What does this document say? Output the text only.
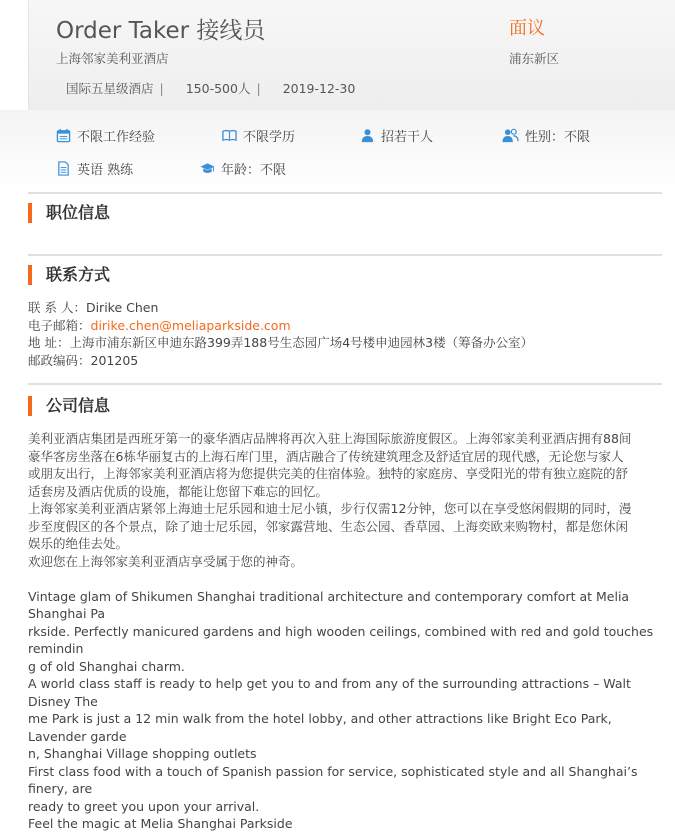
Order Taker 接线员
上海邻家美利亚酒店
国际五星级酒店 | 150-500人 | 2019-12-30
面议
浦东新区
不限工作经验	不限学历	招若干人	性别：不限
英语 熟练	年龄：不限
职位信息
联系方式
联 系 人：Dirike Chen
电子邮箱：dirike.chen@meliaparkside.com
地 址：上海市浦东新区申迪东路399弄188号生态园广场4号楼申迪园林3楼（筹备办公室）
邮政编码：201205
公司信息

美利亚酒店集团是西班牙第一的豪华酒店品牌将再次入驻上海国际旅游度假区。上海邻家美利亚酒店拥有88间

豪华客房坐落在6栋华丽复古的上海石库门里，酒店融合了传统建筑理念及舒适宜居的现代感，无论您与家人

或朋友出行，上海邻家美利亚酒店将为您提供完美的住宿体验。独特的家庭房、享受阳光的带有独立庭院的舒

适套房及酒店优质的设施，都能让您留下难忘的回忆。

上海邻家美利亚酒店紧邻上海迪士尼乐园和迪士尼小镇，步行仅需12分钟，您可以在享受悠闲假期的同时，漫

步至度假区的各个景点，除了迪士尼乐园，邻家露营地、生态公园、香草园、上海奕欧来购物村，都是您休闲

娱乐的绝佳去处。

欢迎您在上海邻家美利亚酒店享受属于您的神奇。

Vintage glam of Shikumen Shanghai traditional architecture and contemporary comfort at Melia Shanghai Pa

rkside. Perfectly manicured gardens and high wooden ceilings, combined with red and gold touches remindin

g of old Shanghai charm.

A world class staff is ready to help get you to and from any of the surrounding attractions – Walt Disney The

me Park is just a 12 min walk from the hotel lobby, and other attractions like Bright Eco Park, Lavender garde

n, Shanghai Village shopping outlets

First class food with a touch of Spanish passion for service, sophisticated style and all Shanghai’s finery, are

ready to greet you upon your arrival.

Feel the magic at Melia Shanghai Parkside
